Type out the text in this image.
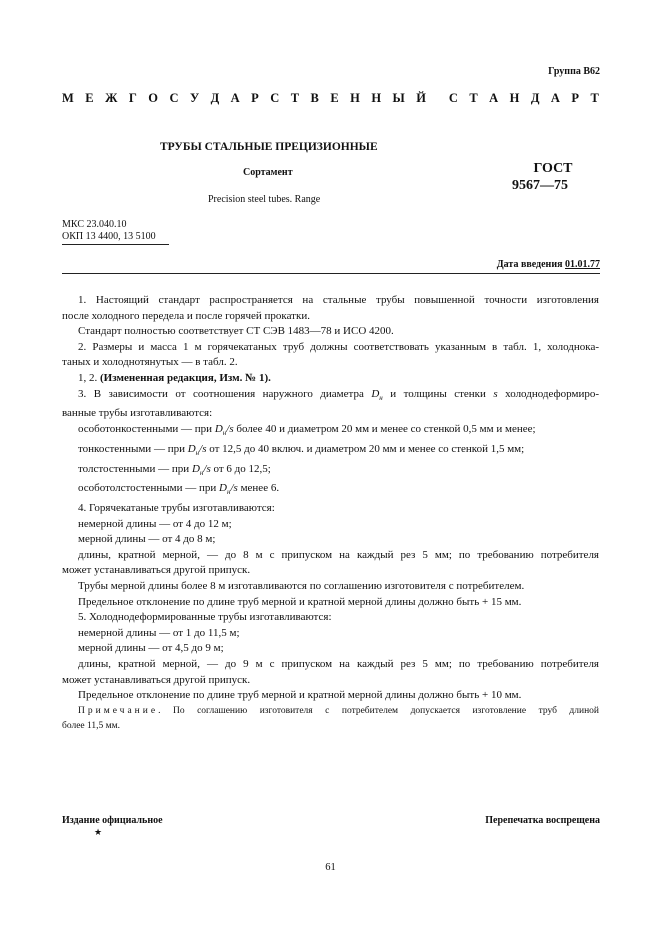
Группа В62
М Е Ж Г О С У Д А Р С Т В Е Н Н Ы Й С Т А Н Д А Р Т
ТРУБЫ СТАЛЬНЫЕ ПРЕЦИЗИОННЫЕ
Сортамент
Precision steel tubes. Range
ГОСТ
9567—75
МКС 23.040.10
ОКП 13 4400, 13 5100
Дата введения 01.01.77

1. Настоящий стандарт распространяется на стальные трубы повышенной точности изготовления

после холодного передела и после горячей прокатки.

Стандарт полностью соответствует СТ СЭВ 1483—78 и ИСО 4200.

2. Размеры и масса 1 м горячекатаных труб должны соответствовать указанным в табл. 1, холоднока-

таных и холоднотянутых — в табл. 2.

1, 2. (Измененная редакция, Изм. № 1).

3. В зависимости от соотношения наружного диаметра $D_н$ и толщины стенки s холоднодеформиро-

ванные трубы изготавливаются:

особотонкостенными — при $D_н/s$ более 40 и диаметром 20 мм и менее со стенкой 0,5 мм и менее;

тонкостенными — при $D_н/s$ от 12,5 до 40 включ. и диаметром 20 мм и менее со стенкой 1,5 мм;

толстостенными — при $D_н/s$ от 6 до 12,5;

особотолстостенными — при $D_н/s$ менее 6.

4. Горячекатаные трубы изготавливаются:

немерной длины — от 4 до 12 м;

мерной длины — от 4 до 8 м;

длины, кратной мерной, — до 8 м с припуском на каждый рез 5 мм; по требованию потребителя

может устанавливаться другой припуск.

Трубы мерной длины более 8 м изготавливаются по соглашению изготовителя с потребителем.

Предельное отклонение по длине труб мерной и кратной мерной длины должно быть + 15 мм.

5. Холоднодеформированные трубы изготавливаются:

немерной длины — от 1 до 11,5 м;

мерной длины — от 4,5 до 9 м;

длины, кратной мерной, — до 9 м с припуском на каждый рез 5 мм; по требованию потребителя

может устанавливаться другой припуск.

Предельное отклонение по длине труб мерной и кратной мерной длины должно быть + 10 мм.

Примечание. По соглашению изготовителя с потребителем допускается изготовление труб длиной

более 11,5 мм.

Издание официальное
★
Перепечатка воспрещена
61
